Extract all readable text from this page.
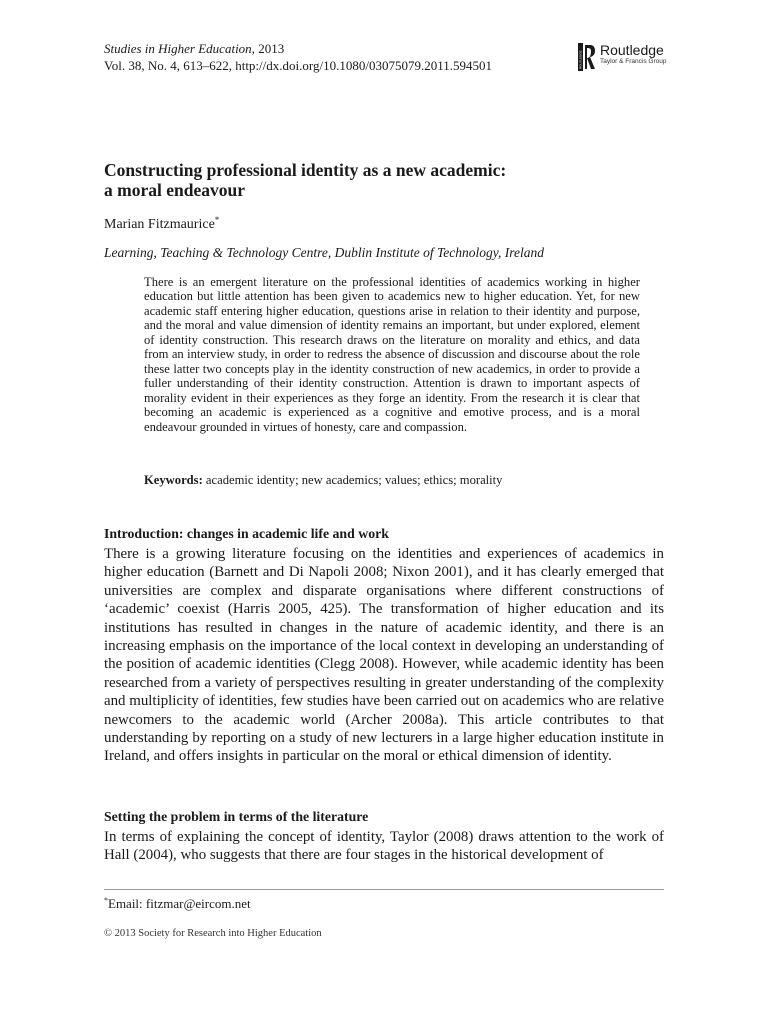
Studies in Higher Education, 2013
Vol. 38, No. 4, 613–622, http://dx.doi.org/10.1080/03075079.2011.594501	ROUTLEDGE
Routledge
Taylor & Francis Group
Constructing professional identity as a new academic:
a moral endeavour
Marian Fitzmaurice*
Learning, Teaching & Technology Centre, Dublin Institute of Technology, Ireland

There is an emergent literature on the professional identities of academics working in higher education but little attention has been given to academics new to higher education. Yet, for new academic staff entering higher education, questions arise in relation to their identity and purpose, and the moral and value dimension of identity remains an important, but under explored, element of identity construction. This research draws on the literature on morality and ethics, and data from an interview study, in order to redress the absence of discussion and discourse about the role these latter two concepts play in the identity construction of new academics, in order to provide a fuller understanding of their identity construction. Attention is drawn to important aspects of morality evident in their experiences as they forge an identity. From the research it is clear that becoming an academic is experienced as a cognitive and emotive process, and is a moral endeavour grounded in virtues of honesty, care and compassion.

Keywords: academic identity; new academics; values; ethics; morality
Introduction: changes in academic life and work

There is a growing literature focusing on the identities and experiences of academics in higher education (Barnett and Di Napoli 2008; Nixon 2001), and it has clearly emerged that universities are complex and disparate organisations where different constructions of ‘academic’ coexist (Harris 2005, 425). The transformation of higher education and its institutions has resulted in changes in the nature of academic identity, and there is an increasing emphasis on the importance of the local context in developing an understanding of the position of academic identities (Clegg 2008). However, while academic identity has been researched from a variety of perspectives resulting in greater understanding of the complexity and multiplicity of identities, few studies have been carried out on academics who are relative newcomers to the academic world (Archer 2008a). This article contributes to that understanding by reporting on a study of new lecturers in a large higher education institute in Ireland, and offers insights in particular on the moral or ethical dimension of identity.

Setting the problem in terms of the literature

In terms of explaining the concept of identity, Taylor (2008) draws attention to the work of Hall (2004), who suggests that there are four stages in the historical development of

*Email: fitzmar@eircom.net
© 2013 Society for Research into Higher Education
